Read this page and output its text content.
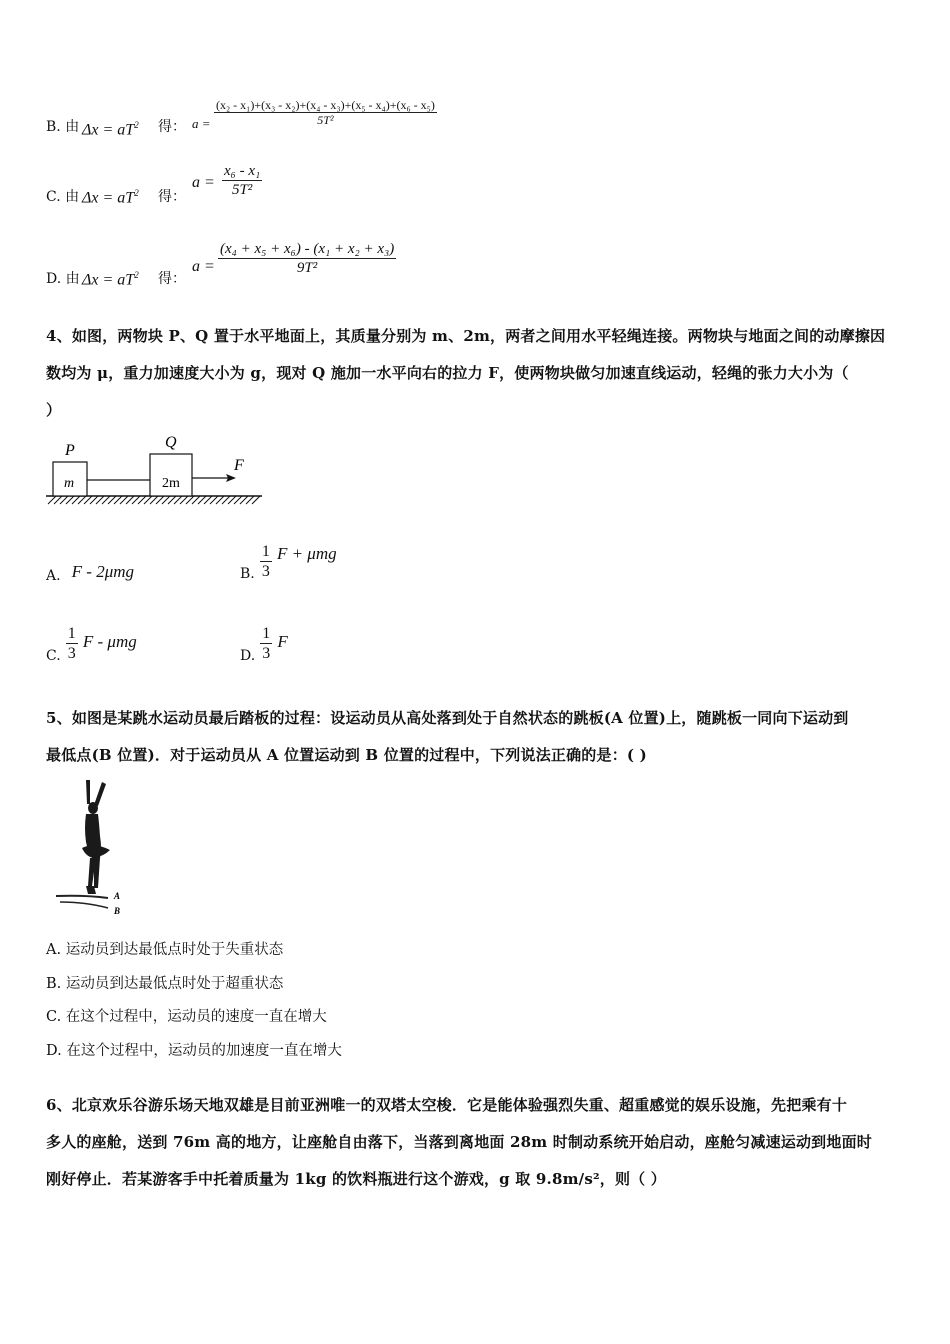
B. 由 $\Delta x = aT^2$ 得： $a = \frac{\text{(x₂ - x₁)+(x₃ - x₂)+(x₄ - x₃)+(x₅ - x₄)+(x₆ - x₅)}}{\text{5T²}}$
C. 由 $\Delta x = aT^2$ 得：
$a = \frac{\text{x₆ - x₁}}{\text{5T²}}$
D. 由 $\Delta x = aT^2$ 得：
$a = \frac{\text{(x₄ + x₅ + x₆) - (x₁ + x₂ + x₃)}}{\text{9T²}}$
4、如图，两物块 P、Q 置于水平地面上，其质量分别为 m、2m，两者之间用水平轻绳连接。两物块与地面之间的动摩擦因
数均为 μ，重力加速度大小为 g，现对 Q 施加一水平向右的拉力 F，使两物块做匀加速直线运动，轻绳的张力大小为（
）
P	Q
m	2m
F
A. F - 2μmg	B. $\frac{1}{3}$ F + μmg
C. $\frac{1}{3}$ F - μmg
D. $\frac{1}{3}$ F
5、如图是某跳水运动员最后踏板的过程：设运动员从高处落到处于自然状态的跳板(A 位置)上，随跳板一同向下运动到
最低点(B 位置)．对于运动员从 A 位置运动到 B 位置的过程中，下列说法正确的是：( )
A
B
A. 运动员到达最低点时处于失重状态
B. 运动员到达最低点时处于超重状态
C. 在这个过程中，运动员的速度一直在增大
D. 在这个过程中，运动员的加速度一直在增大
6、北京欢乐谷游乐场天地双雄是目前亚洲唯一的双塔太空梭．它是能体验强烈失重、超重感觉的娱乐设施，先把乘有十
多人的座舱，送到 76m 高的地方，让座舱自由落下，当落到离地面 28m 时制动系统开始启动，座舱匀减速运动到地面时
刚好停止．若某游客手中托着质量为 1kg 的饮料瓶进行这个游戏，g 取 9.8m/s²，则（ ）
